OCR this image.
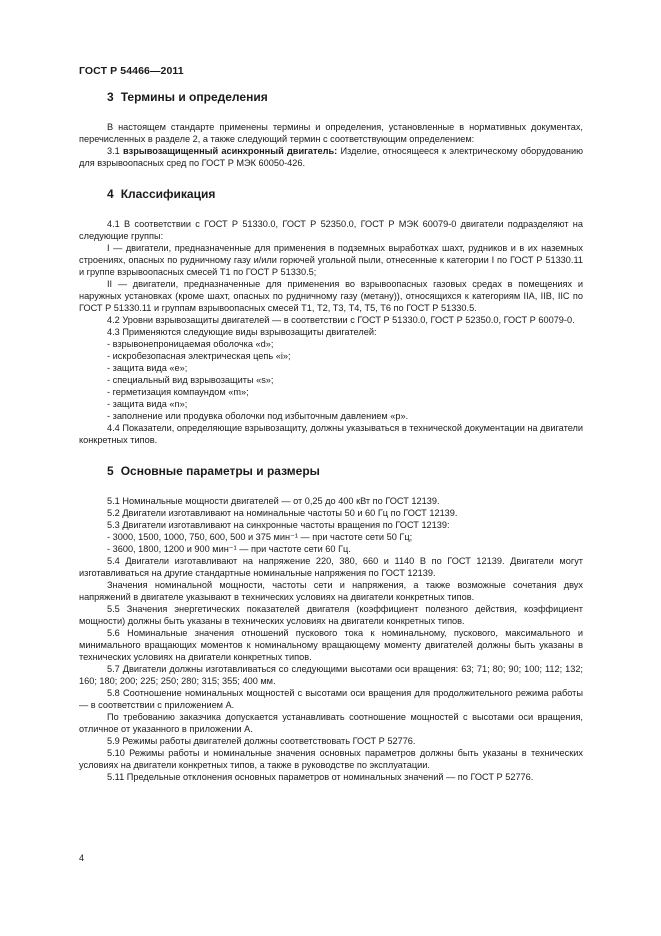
ГОСТ Р 54466—2011
3 Термины и определения

В настоящем стандарте применены термины и определения, установленные в нормативных документах, перечисленных в разделе 2, а также следующий термин с соответствующим определением:

3.1 взрывозащищенный асинхронный двигатель: Изделие, относящееся к электрическому оборудованию для взрывоопасных сред по ГОСТ Р МЭК 60050-426.

4 Классификация

4.1 В соответствии с ГОСТ Р 51330.0, ГОСТ Р 52350.0, ГОСТ Р МЭК 60079-0 двигатели подразделяют на следующие группы:

I — двигатели, предназначенные для применения в подземных выработках шахт, рудников и в их наземных строениях, опасных по рудничному газу и/или горючей угольной пыли, отнесенные к категории I по ГОСТ Р 51330.11 и группе взрывоопасных смесей Т1 по ГОСТ Р 51330.5;

II — двигатели, предназначенные для применения во взрывоопасных газовых средах в помещениях и наружных установках (кроме шахт, опасных по рудничному газу (метану)), относящихся к категориям IIA, IIB, IIC по ГОСТ Р 51330.11 и группам взрывоопасных смесей Т1, Т2, Т3, Т4, Т5, Т6 по ГОСТ Р 51330.5.

4.2 Уровни взрывозащиты двигателей — в соответствии с ГОСТ Р 51330.0, ГОСТ Р 52350.0, ГОСТ Р 60079-0.

4.3 Применяются следующие виды взрывозащиты двигателей:

- взрывонепроницаемая оболочка «d»;

- искробезопасная электрическая цепь «i»;

- защита вида «е»;

- специальный вид взрывозащиты «s»;

- герметизация компаундом «m»;

- защита вида «n»;

- заполнение или продувка оболочки под избыточным давлением «р».

4.4 Показатели, определяющие взрывозащиту, должны указываться в технической документации на двигатели конкретных типов.

5 Основные параметры и размеры

5.1 Номинальные мощности двигателей — от 0,25 до 400 кВт по ГОСТ 12139.

5.2 Двигатели изготавливают на номинальные частоты 50 и 60 Гц по ГОСТ 12139.

5.3 Двигатели изготавливают на синхронные частоты вращения по ГОСТ 12139:

- 3000, 1500, 1000, 750, 600, 500 и 375 мин⁻¹ — при частоте сети 50 Гц;

- 3600, 1800, 1200 и 900 мин⁻¹ — при частоте сети 60 Гц.

5.4 Двигатели изготавливают на напряжение 220, 380, 660 и 1140 В по ГОСТ 12139. Двигатели могут изготавливаться на другие стандартные номинальные напряжения по ГОСТ 12139.

Значения номинальной мощности, частоты сети и напряжения, а также возможные сочетания двух напряжений в двигателе указывают в технических условиях на двигатели конкретных типов.

5.5 Значения энергетических показателей двигателя (коэффициент полезного действия, коэффициент мощности) должны быть указаны в технических условиях на двигатели конкретных типов.

5.6 Номинальные значения отношений пускового тока к номинальному, пускового, максимального и минимального вращающих моментов к номинальному вращающему моменту двигателей должны быть указаны в технических условиях на двигатели конкретных типов.

5.7 Двигатели должны изготавливаться со следующими высотами оси вращения: 63; 71; 80; 90; 100; 112; 132; 160; 180; 200; 225; 250; 280; 315; 355; 400 мм.

5.8 Соотношение номинальных мощностей с высотами оси вращения для продолжительного режима работы — в соответствии с приложением А.

По требованию заказчика допускается устанавливать соотношение мощностей с высотами оси вращения, отличное от указанного в приложении А.

5.9 Режимы работы двигателей должны соответствовать ГОСТ Р 52776.

5.10 Режимы работы и номинальные значения основных параметров должны быть указаны в технических условиях на двигатели конкретных типов, а также в руководстве по эксплуатации.

5.11 Предельные отклонения основных параметров от номинальных значений — по ГОСТ Р 52776.

4
